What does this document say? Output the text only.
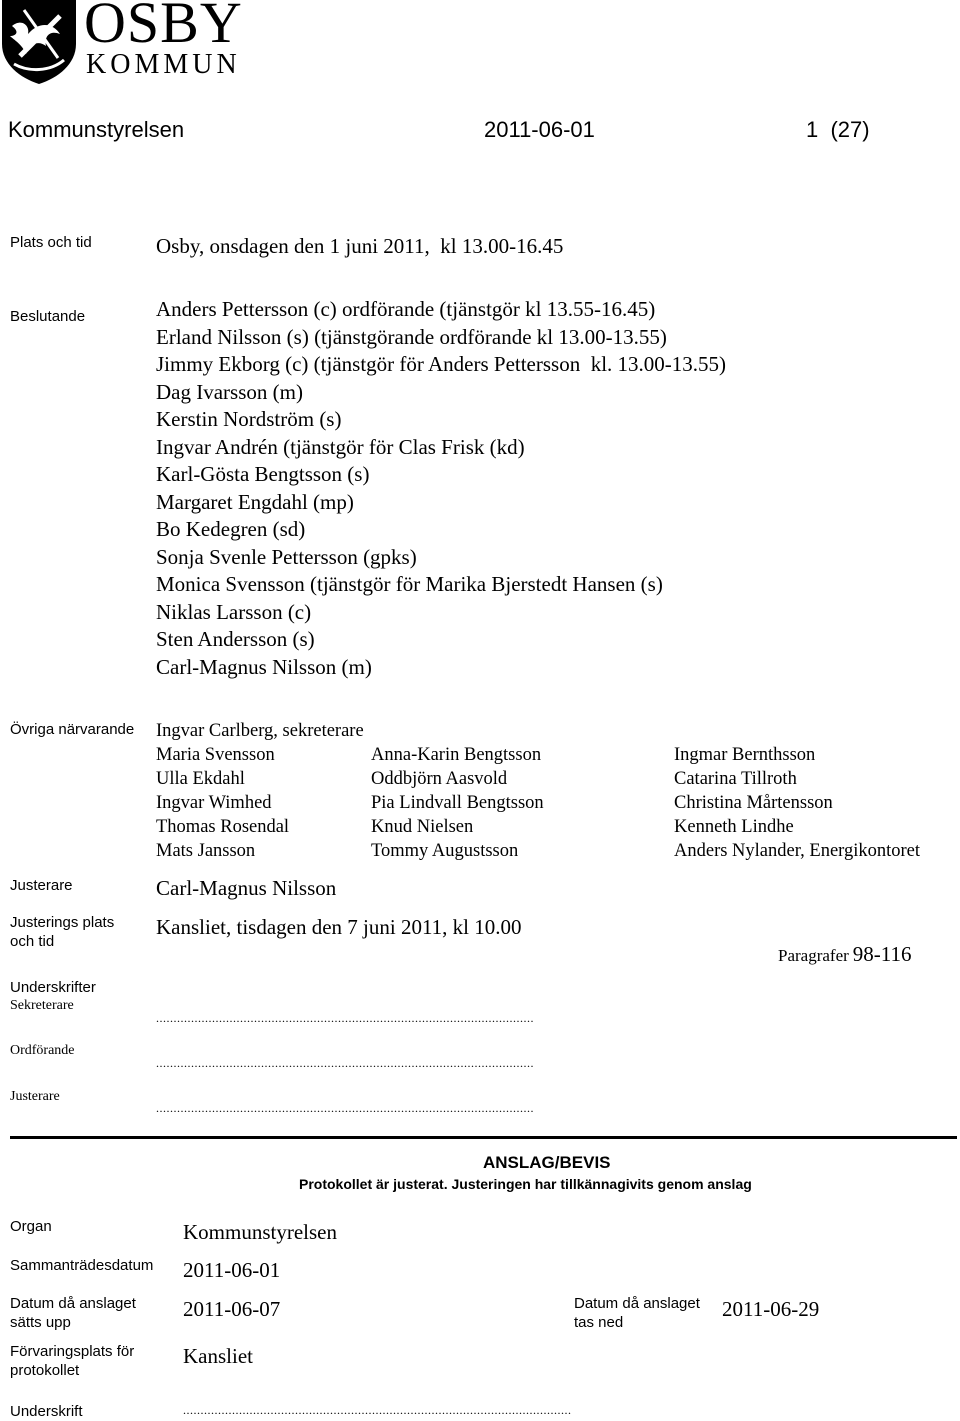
OSBY
KOMMUN
Kommunstyrelsen	2011-06-01	1  (27)
Plats och tid	Osby, onsdagen den 1 juni 2011,  kl 13.00-16.45
Beslutande	Anders Pettersson (c) ordförande (tjänstgör kl 13.55-16.45)
Erland Nilsson (s) (tjänstgörande ordförande kl 13.00-13.55)
Jimmy Ekborg (c) (tjänstgör för Anders Pettersson  kl. 13.00-13.55)
Dag Ivarsson (m)
Kerstin Nordström (s)
Ingvar Andrén (tjänstgör för Clas Frisk (kd)
Karl-Gösta Bengtsson (s)
Margaret Engdahl (mp)
Bo Kedegren (sd)
Sonja Svenle Pettersson (gpks)
Monica Svensson (tjänstgör för Marika Bjerstedt Hansen (s)
Niklas Larsson (c)
Sten Andersson (s)
Carl-Magnus Nilsson (m)
Övriga närvarande Ingvar Carlberg, sekreterare
Maria Svensson	Anna-Karin Bengtsson	Ingmar Bernthsson
Ulla Ekdahl	Oddbjörn Aasvold	Catarina Tillroth
Ingvar Wimhed	Pia Lindvall Bengtsson	Christina Mårtensson
Thomas Rosendal	Knud Nielsen	Kenneth Lindhe
Mats Jansson	Tommy Augustsson	Anders Nylander, Energikontoret
Justerare	Carl-Magnus Nilsson
Justerings plats
och tid
Kansliet, tisdagen den 7 juni 2011, kl 10.00
Paragrafer 98-116
Underskrifter
Sekreterare
............................................................................................................
Ordförande
............................................................................................................
Justerare
............................................................................................................
ANSLAG/BEVIS
Protokollet är justerat. Justeringen har tillkännagivits genom anslag
Organ	Kommunstyrelsen
Sammanträdesdatum 2011-06-01
Datum då anslaget
sätts upp
2011-06-07	Datum då anslaget
tas ned
2011-06-29
Förvaringsplats för
protokollet
Kansliet
Underskrift	...............................................................................................................
